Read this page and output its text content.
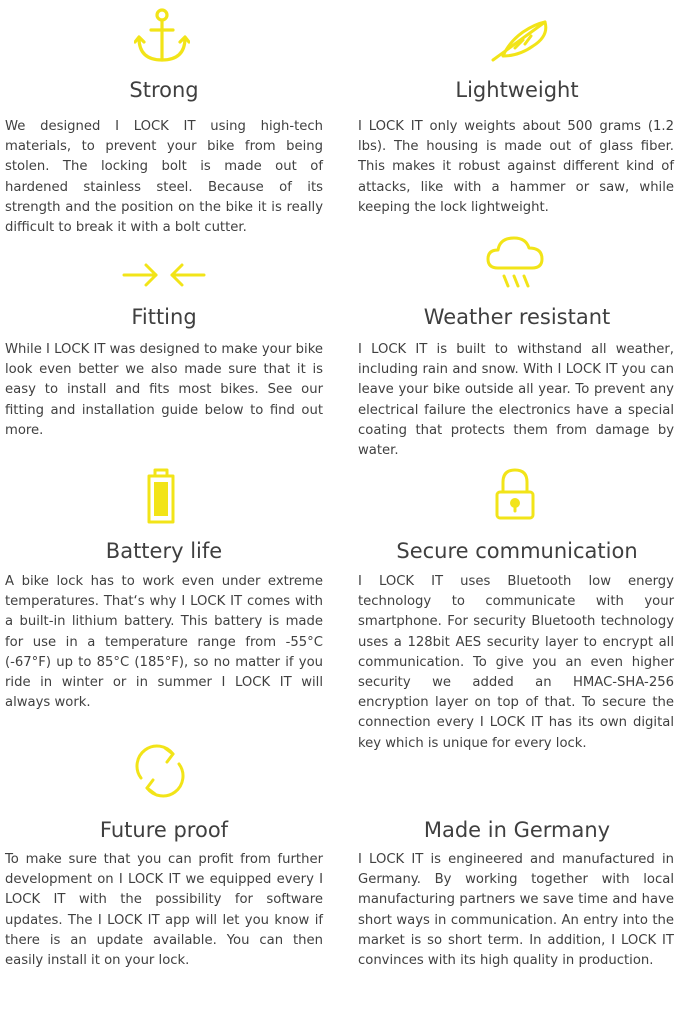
Strong
We designed I LOCK IT using high-tech materials, to prevent your bike from being stolen. The locking bolt is made out of hardened stainless steel. Because of its strength and the position on the bike it is really difficult to break it with a bolt cutter.
Lightweight
I LOCK IT only weights about 500 grams (1.2 lbs). The housing is made out of glass fiber. This makes it robust against different kind of attacks, like with a hammer or saw, while keeping the lock lightweight.
Fitting
While I LOCK IT was designed to make your bike look even better we also made sure that it is easy to install and fits most bikes. See our fitting and installation guide below to find out more.
Weather resistant
I LOCK IT is built to withstand all weather, including rain and snow. With I LOCK IT you can leave your bike outside all year. To prevent any electrical failure the electronics have a special coating that protects them from damage by water.
Battery life
A bike lock has to work even under extreme temperatures. That‘s why I LOCK IT comes with a built-in lithium battery. This battery is made for use in a temperature range from -55°C (-67°F) up to 85°C (185°F), so no matter if you ride in winter or in summer I LOCK IT will always work.
Secure communication
I LOCK IT uses Bluetooth low energy technology to communicate with your smartphone. For security Bluetooth technology uses a 128bit AES security layer to encrypt all communication. To give you an even higher security we added an HMAC-SHA-256 encryption layer on top of that. To secure the connection every I LOCK IT has its own digital key which is unique for every lock.
Future proof
To make sure that you can profit from further development on I LOCK IT we equipped every I LOCK IT with the possibility for software updates. The I LOCK IT app will let you know if there is an update available. You can then easily install it on your lock.
Made in Germany
I LOCK IT is engineered and manufactured in Germany. By working together with local manufacturing partners we save time and have short ways in communication. An entry into the market is so short term. In addition, I LOCK IT convinces with its high quality in production.
